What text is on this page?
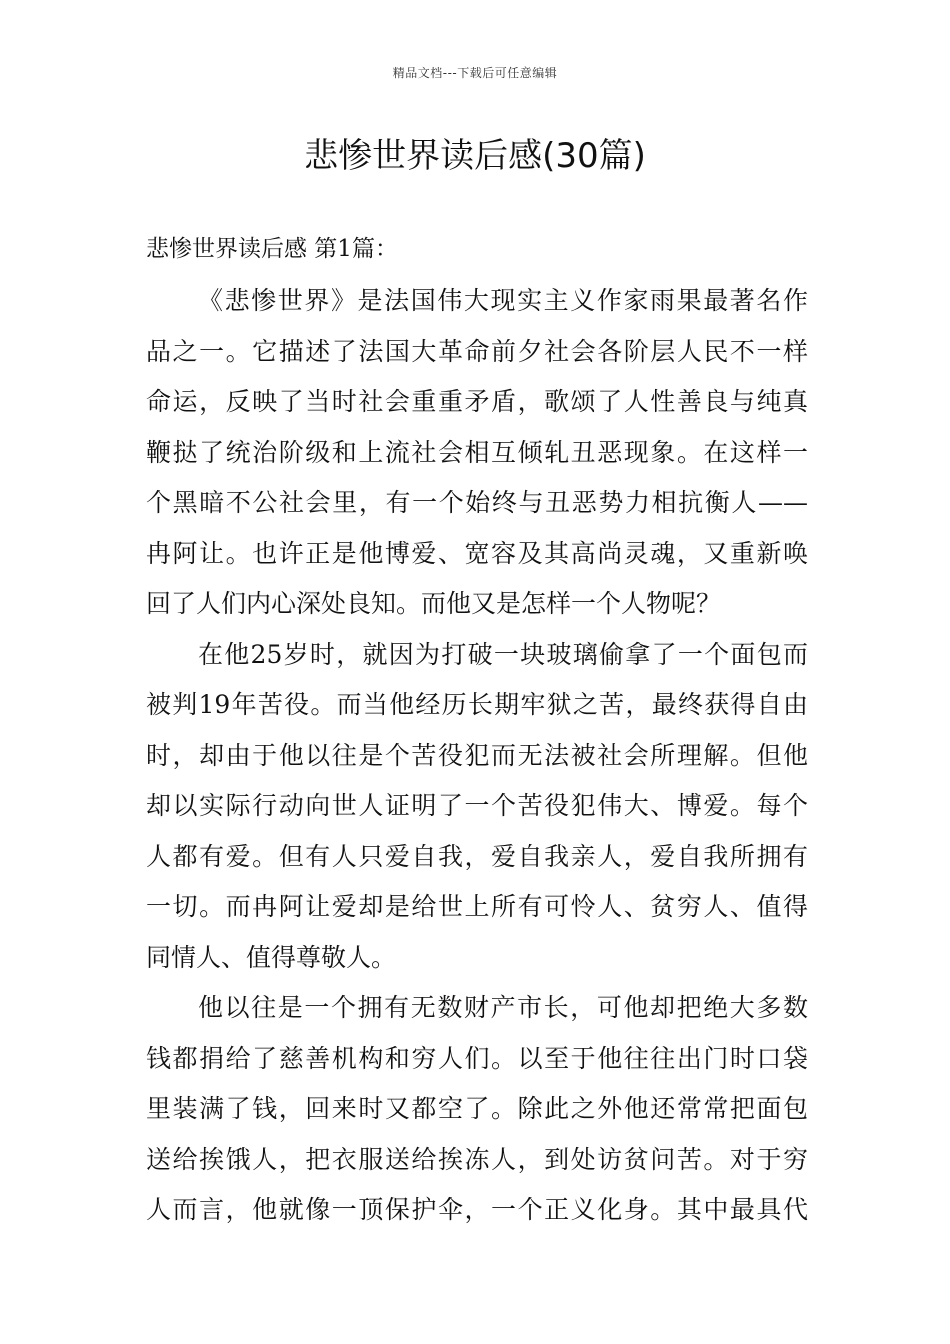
精品文档---下载后可任意编辑
悲惨世界读后感(30篇)
悲惨世界读后感 第1篇：
《悲惨世界》是法国伟大现实主义作家雨果最著名作
品之一。它描述了法国大革命前夕社会各阶层人民不一样
命运，反映了当时社会重重矛盾，歌颂了人性善良与纯真
鞭挞了统治阶级和上流社会相互倾轧丑恶现象。在这样一
个黑暗不公社会里，有一个始终与丑恶势力相抗衡人——
冉阿让。也许正是他博爱、宽容及其高尚灵魂，又重新唤
回了人们内心深处良知。而他又是怎样一个人物呢？
在他25岁时，就因为打破一块玻璃偷拿了一个面包而
被判19年苦役。而当他经历长期牢狱之苦，最终获得自由
时，却由于他以往是个苦役犯而无法被社会所理解。但他
却以实际行动向世人证明了一个苦役犯伟大、博爱。每个
人都有爱。但有人只爱自我，爱自我亲人，爱自我所拥有
一切。而冉阿让爱却是给世上所有可怜人、贫穷人、值得
同情人、值得尊敬人。
他以往是一个拥有无数财产市长，可他却把绝大多数
钱都捐给了慈善机构和穷人们。以至于他往往出门时口袋
里装满了钱，回来时又都空了。除此之外他还常常把面包
送给挨饿人，把衣服送给挨冻人，到处访贫问苦。对于穷
人而言，他就像一顶保护伞，一个正义化身。其中最具代
